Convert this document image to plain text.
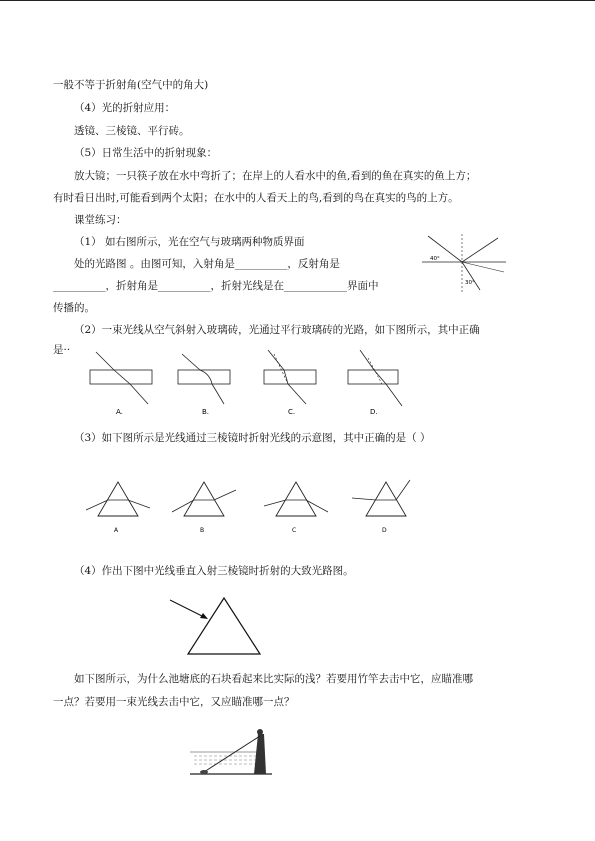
一般不等于折射角(空气中的角大)
（4）光的折射应用：
透镜、三棱镜、平行砖。
（5）日常生活中的折射现象：
放大镜；一只筷子放在水中弯折了；在岸上的人看水中的鱼,看到的鱼在真实的鱼上方；
有时看日出时,可能看到两个太阳；在水中的人看天上的鸟,看到的鸟在真实的鸟的上方。
课堂练习：
（1） 如右图所示，光在空气与玻璃两种物质界面
处的光路图 。由图可知，入射角是__________，反射角是
__________，折射角是__________，折射光线是在____________界面中
传播的。
40°
30°
（2）一束光线从空气斜射入玻璃砖，光通过平行玻璃砖的光路，如下图所示，其中正确
是··
A.	B.	C.	D.
（3）如下图所示是光线通过三棱镜时折射光线的示意图，其中正确的是（ ）
A	B	C	D
（4）作出下图中光线垂直入射三棱镜时折射的大致光路图。
如下图所示，为什么池塘底的石块看起来比实际的浅？若要用竹竿去击中它，应瞄准哪
一点？若要用一束光线去击中它，又应瞄准哪一点？
